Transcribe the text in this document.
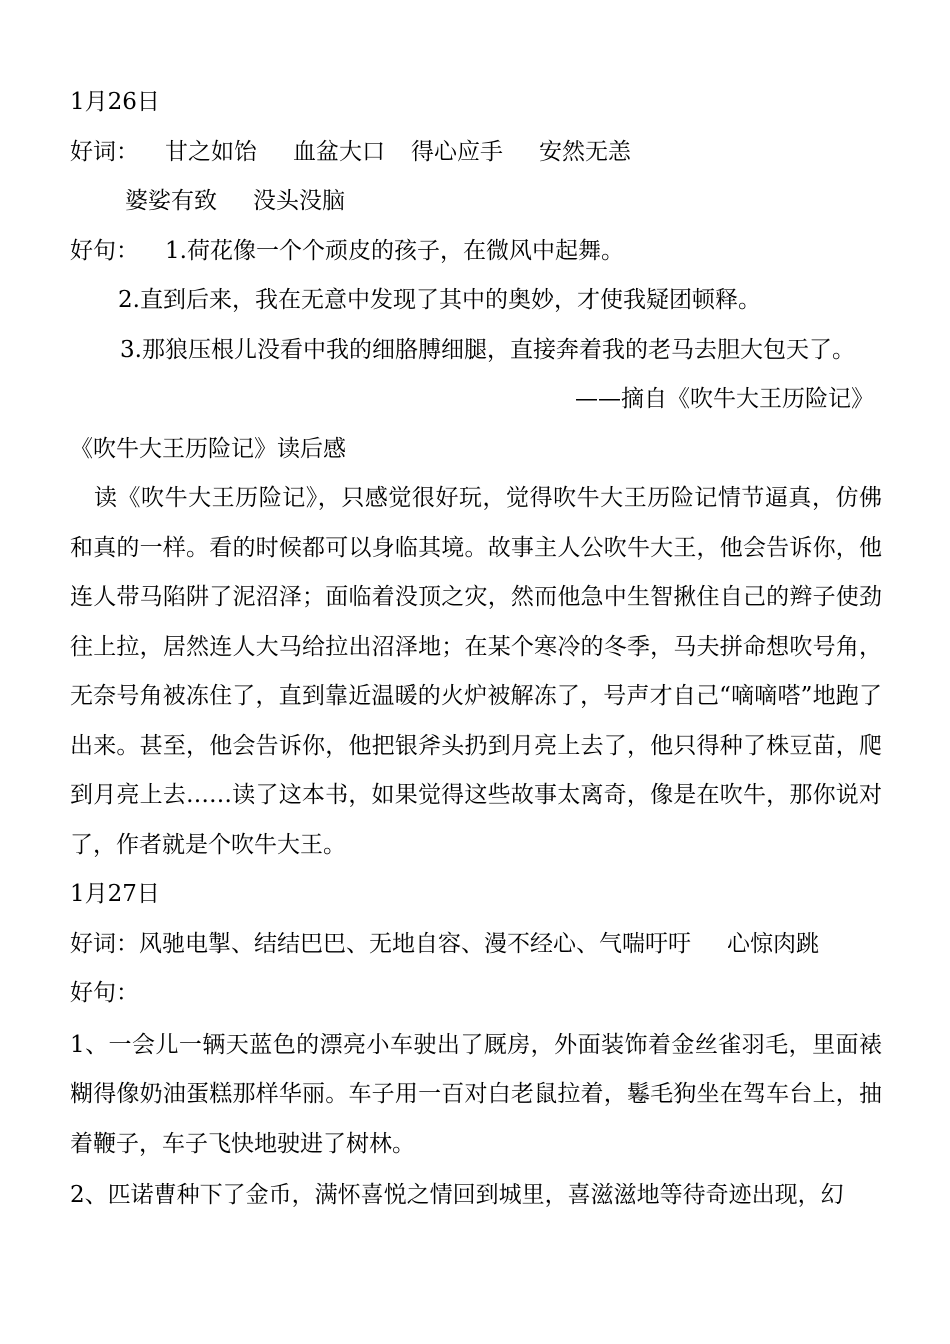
1月26日
好词： 甘之如饴 血盆大口 得心应手 安然无恙
婆娑有致 没头没脑
好句： 1.荷花像一个个顽皮的孩子，在微风中起舞。
2.直到后来，我在无意中发现了其中的奥妙，才使我疑团顿释。
3.那狼压根儿没看中我的细胳膊细腿，直接奔着我的老马去胆大包天了。
——摘自《吹牛大王历险记》
《吹牛大王历险记》读后感
读《吹牛大王历险记》，只感觉很好玩，觉得吹牛大王历险记情节逼真，仿佛和真的一样。看的时候都可以身临其境。故事主人公吹牛大王，他会告诉你，他连人带马陷阱了泥沼泽；面临着没顶之灾，然而他急中生智揪住自己的辫子使劲往上拉，居然连人大马给拉出沼泽地；在某个寒冷的冬季，马夫拼命想吹号角，无奈号角被冻住了，直到靠近温暖的火炉被解冻了，号声才自己“嘀嘀嗒”地跑了出来。甚至，他会告诉你，他把银斧头扔到月亮上去了，他只得种了株豆苗，爬到月亮上去……读了这本书，如果觉得这些故事太离奇，像是在吹牛，那你说对了，作者就是个吹牛大王。
1月27日
好词：风驰电掣、结结巴巴、无地自容、漫不经心、气喘吁吁 心惊肉跳
好句：
1、一会儿一辆天蓝色的漂亮小车驶出了厩房，外面装饰着金丝雀羽毛，里面裱糊得像奶油蛋糕那样华丽。车子用一百对白老鼠拉着，鬈毛狗坐在驾车台上，抽着鞭子，车子飞快地驶进了树林。
2、匹诺曹种下了金币，满怀喜悦之情回到城里，喜滋滋地等待奇迹出现，幻
